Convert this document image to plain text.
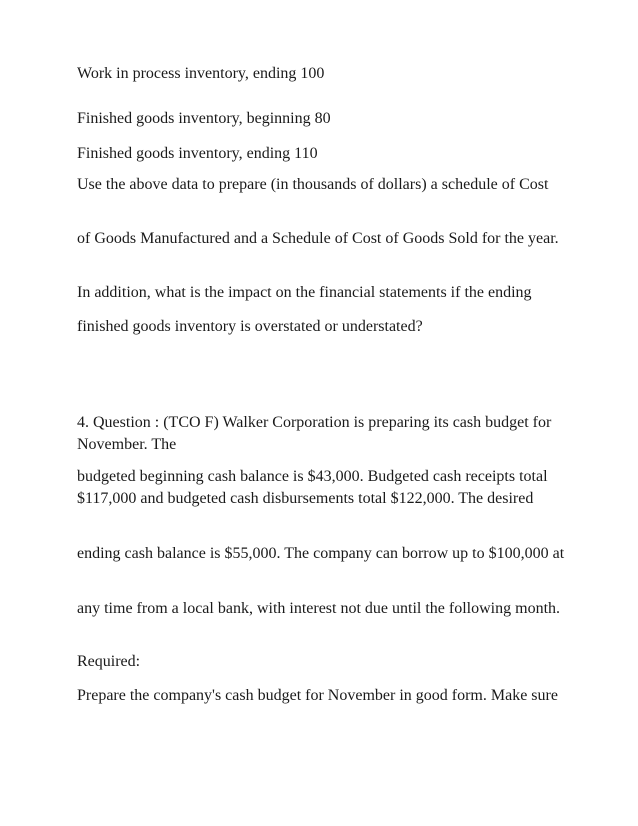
Work in process inventory, ending 100

Finished goods inventory, beginning 80

Finished goods inventory, ending 110

Use the above data to prepare (in thousands of dollars) a schedule of Cost

of Goods Manufactured and a Schedule of Cost of Goods Sold for the year.

In addition, what is the impact on the financial statements if the ending

finished goods inventory is overstated or understated?

4. Question : (TCO F) Walker Corporation is preparing its cash budget for November. The

budgeted beginning cash balance is $43,000. Budgeted cash receipts total $117,000 and budgeted cash disbursements total $122,000. The desired

ending cash balance is $55,000. The company can borrow up to $100,000 at

any time from a local bank, with interest not due until the following month.

Required:

Prepare the company's cash budget for November in good form. Make sure
